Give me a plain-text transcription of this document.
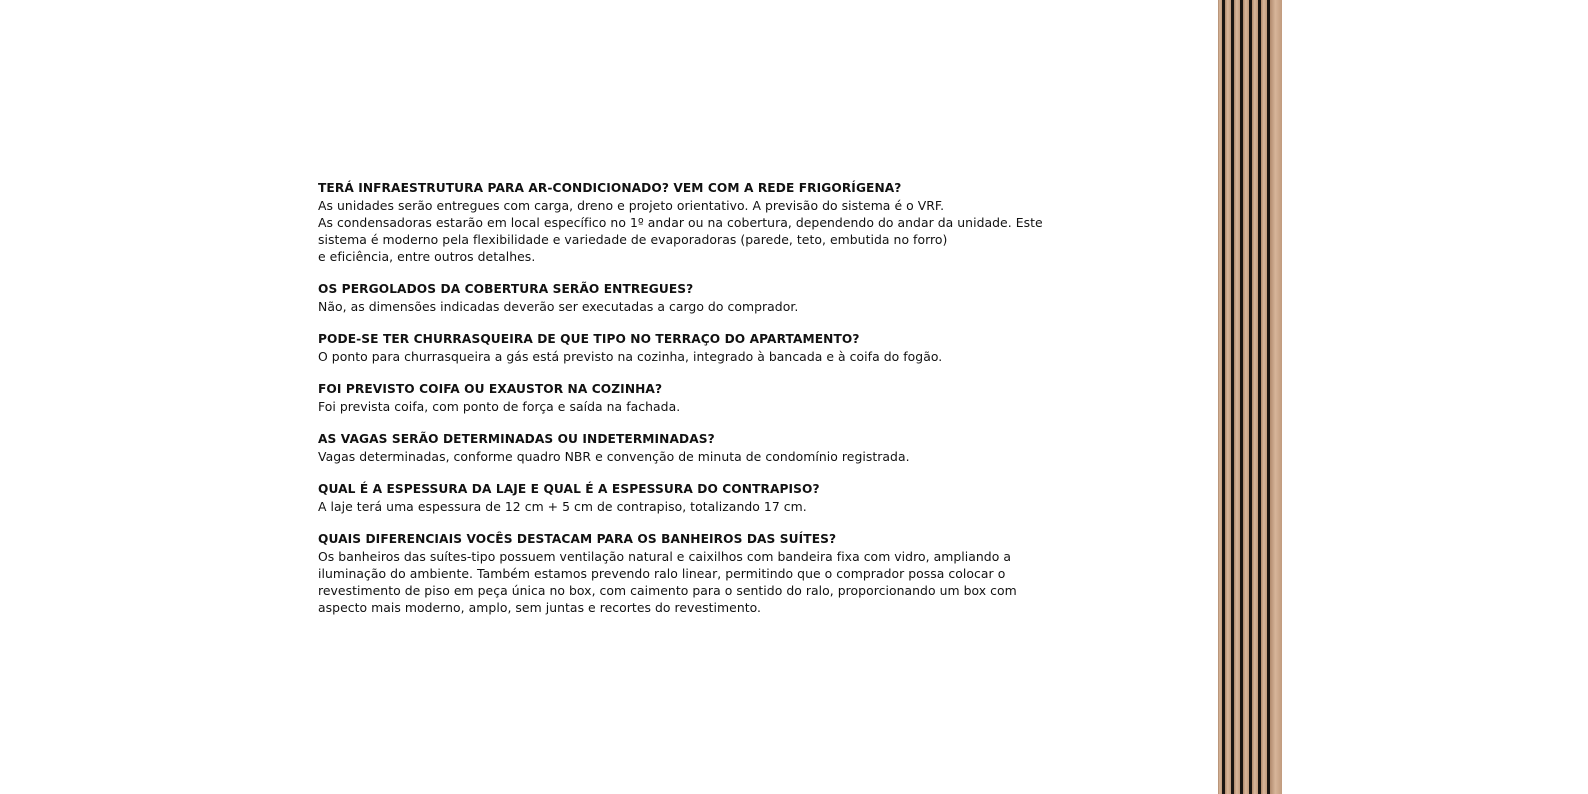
TERÁ INFRAESTRUTURA PARA AR-CONDICIONADO? VEM COM A REDE FRIGORÍGENA?
As unidades serão entregues com carga, dreno e projeto orientativo. A previsão do sistema é o VRF.
As condensadoras estarão em local específico no 1º andar ou na cobertura, dependendo do andar da unidade. Este
sistema é moderno pela flexibilidade e variedade de evaporadoras (parede, teto, embutida no forro)
e eficiência, entre outros detalhes.
OS PERGOLADOS DA COBERTURA SERÃO ENTREGUES?
Não, as dimensões indicadas deverão ser executadas a cargo do comprador.
PODE-SE TER CHURRASQUEIRA DE QUE TIPO NO TERRAÇO DO APARTAMENTO?
O ponto para churrasqueira a gás está previsto na cozinha, integrado à bancada e à coifa do fogão.
FOI PREVISTO COIFA OU EXAUSTOR NA COZINHA?
Foi prevista coifa, com ponto de força e saída na fachada.
AS VAGAS SERÃO DETERMINADAS OU INDETERMINADAS?
Vagas determinadas, conforme quadro NBR e convenção de minuta de condomínio registrada.
QUAL É A ESPESSURA DA LAJE E QUAL É A ESPESSURA DO CONTRAPISO?
A laje terá uma espessura de 12 cm + 5 cm de contrapiso, totalizando 17 cm.
QUAIS DIFERENCIAIS VOCÊS DESTACAM PARA OS BANHEIROS DAS SUÍTES?
Os banheiros das suítes-tipo possuem ventilação natural e caixilhos com bandeira fixa com vidro, ampliando a
iluminação do ambiente. Também estamos prevendo ralo linear, permitindo que o comprador possa colocar o
revestimento de piso em peça única no box, com caimento para o sentido do ralo, proporcionando um box com
aspecto mais moderno, amplo, sem juntas e recortes do revestimento.
